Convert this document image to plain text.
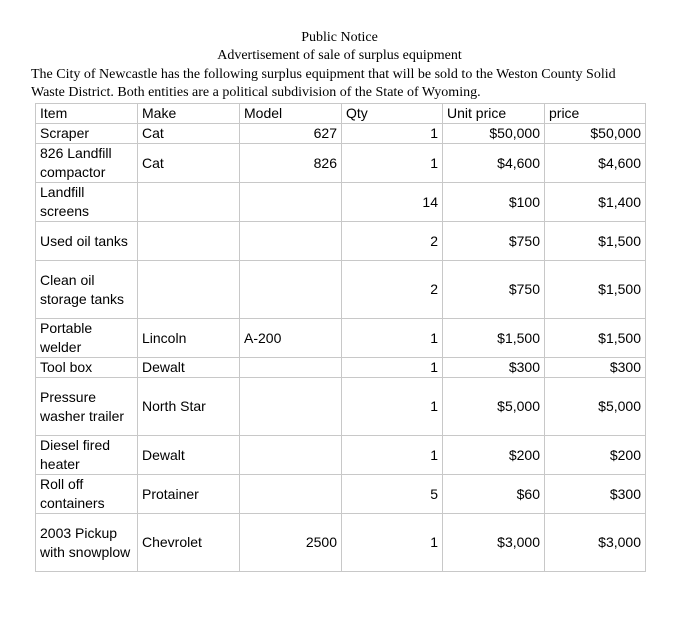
Public Notice
Advertisement of sale of surplus equipment
The City of Newcastle has the following surplus equipment that will be sold to the Weston County Solid Waste District. Both entities are a political subdivision of the State of Wyoming.
Item	Make	Model	Qty	Unit price	price
Scraper	Cat	627	1	$50,000	$50,000
826 Landfill compactor	Cat	826	1	$4,600	$4,600
Landfill screens			14	$100	$1,400
Used oil tanks			2	$750	$1,500
Clean oil storage tanks			2	$750	$1,500
Portable welder	Lincoln	A-200	1	$1,500	$1,500
Tool box	Dewalt		1	$300	$300
Pressure washer trailer	North Star		1	$5,000	$5,000
Diesel fired heater	Dewalt		1	$200	$200
Roll off containers	Protainer		5	$60	$300
2003 Pickup with snowplow	Chevrolet	2500	1	$3,000	$3,000
